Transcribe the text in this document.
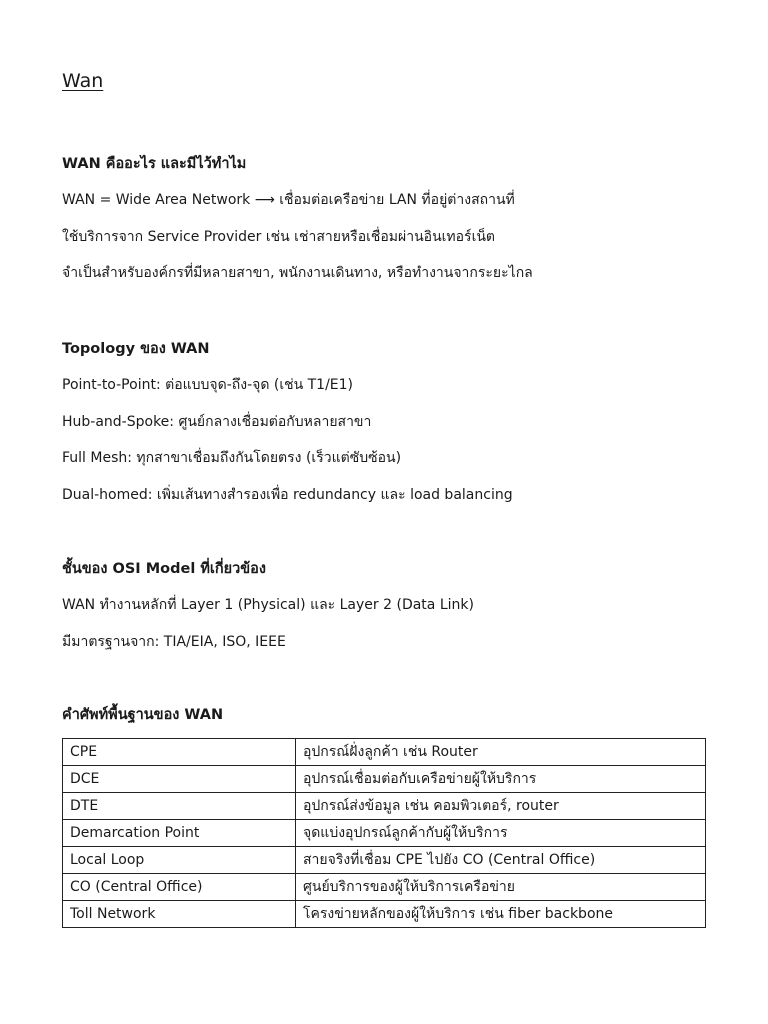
Wan
WAN คืออะไร และมีไว้ทำไม

WAN = Wide Area Network ⟶ เชื่อมต่อเครือข่าย LAN ที่อยู่ต่างสถานที่

ใช้บริการจาก Service Provider เช่น เช่าสายหรือเชื่อมผ่านอินเทอร์เน็ต

จำเป็นสำหรับองค์กรที่มีหลายสาขา, พนักงานเดินทาง, หรือทำงานจากระยะไกล

Topology ของ WAN

Point-to-Point: ต่อแบบจุด-ถึง-จุด (เช่น T1/E1)

Hub-and-Spoke: ศูนย์กลางเชื่อมต่อกับหลายสาขา

Full Mesh: ทุกสาขาเชื่อมถึงกันโดยตรง (เร็วแต่ซับซ้อน)

Dual-homed: เพิ่มเส้นทางสำรองเพื่อ redundancy และ load balancing

ชั้นของ OSI Model ที่เกี่ยวข้อง

WAN ทำงานหลักที่ Layer 1 (Physical) และ Layer 2 (Data Link)

มีมาตรฐานจาก: TIA/EIA, ISO, IEEE

คำศัพท์พื้นฐานของ WAN
CPE	อุปกรณ์ฝั่งลูกค้า เช่น Router
DCE	อุปกรณ์เชื่อมต่อกับเครือข่ายผู้ให้บริการ
DTE	อุปกรณ์ส่งข้อมูล เช่น คอมพิวเตอร์, router
Demarcation Point	จุดแบ่งอุปกรณ์ลูกค้ากับผู้ให้บริการ
Local Loop	สายจริงที่เชื่อม CPE ไปยัง CO (Central Office)
CO (Central Office)	ศูนย์บริการของผู้ให้บริการเครือข่าย
Toll Network	โครงข่ายหลักของผู้ให้บริการ เช่น fiber backbone
